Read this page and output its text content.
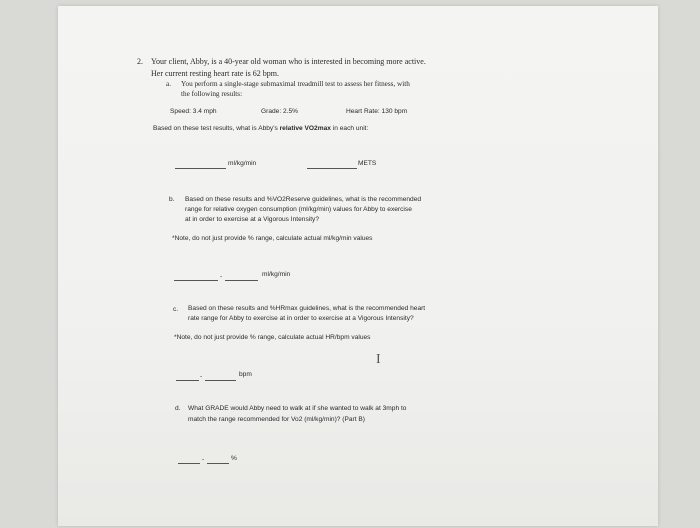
2. Your client, Abby, is a 40-year old woman who is interested in becoming more active.
Her current resting heart rate is 62 bpm.
a. You perform a single-stage submaximal treadmill test to assess her fitness, with
the following results:
Speed: 3.4 mph	Grade: 2.5%	Heart Rate: 130 bpm
Based on these test results, what is Abby's relative VO2max in each unit:
ml/kg/min	METS
b. Based on these results and %VO2Reserve guidelines, what is the recommended
range for relative oxygen consumption (ml/kg/min) values for Abby to exercise
at in order to exercise at a Vigorous Intensity?
*Note, do not just provide % range, calculate actual ml/kg/min values
-	ml/kg/min
c. Based on these results and %HRmax guidelines, what is the recommended heart
rate range for Abby to exercise at in order to exercise at a Vigorous Intensity?
*Note, do not just provide % range, calculate actual HR/bpm values
I
-	bpm
d. What GRADE would Abby need to walk at if she wanted to walk at 3mph to
match the range recommended for Vo2 (ml/kg/min)? (Part B)
-	%
